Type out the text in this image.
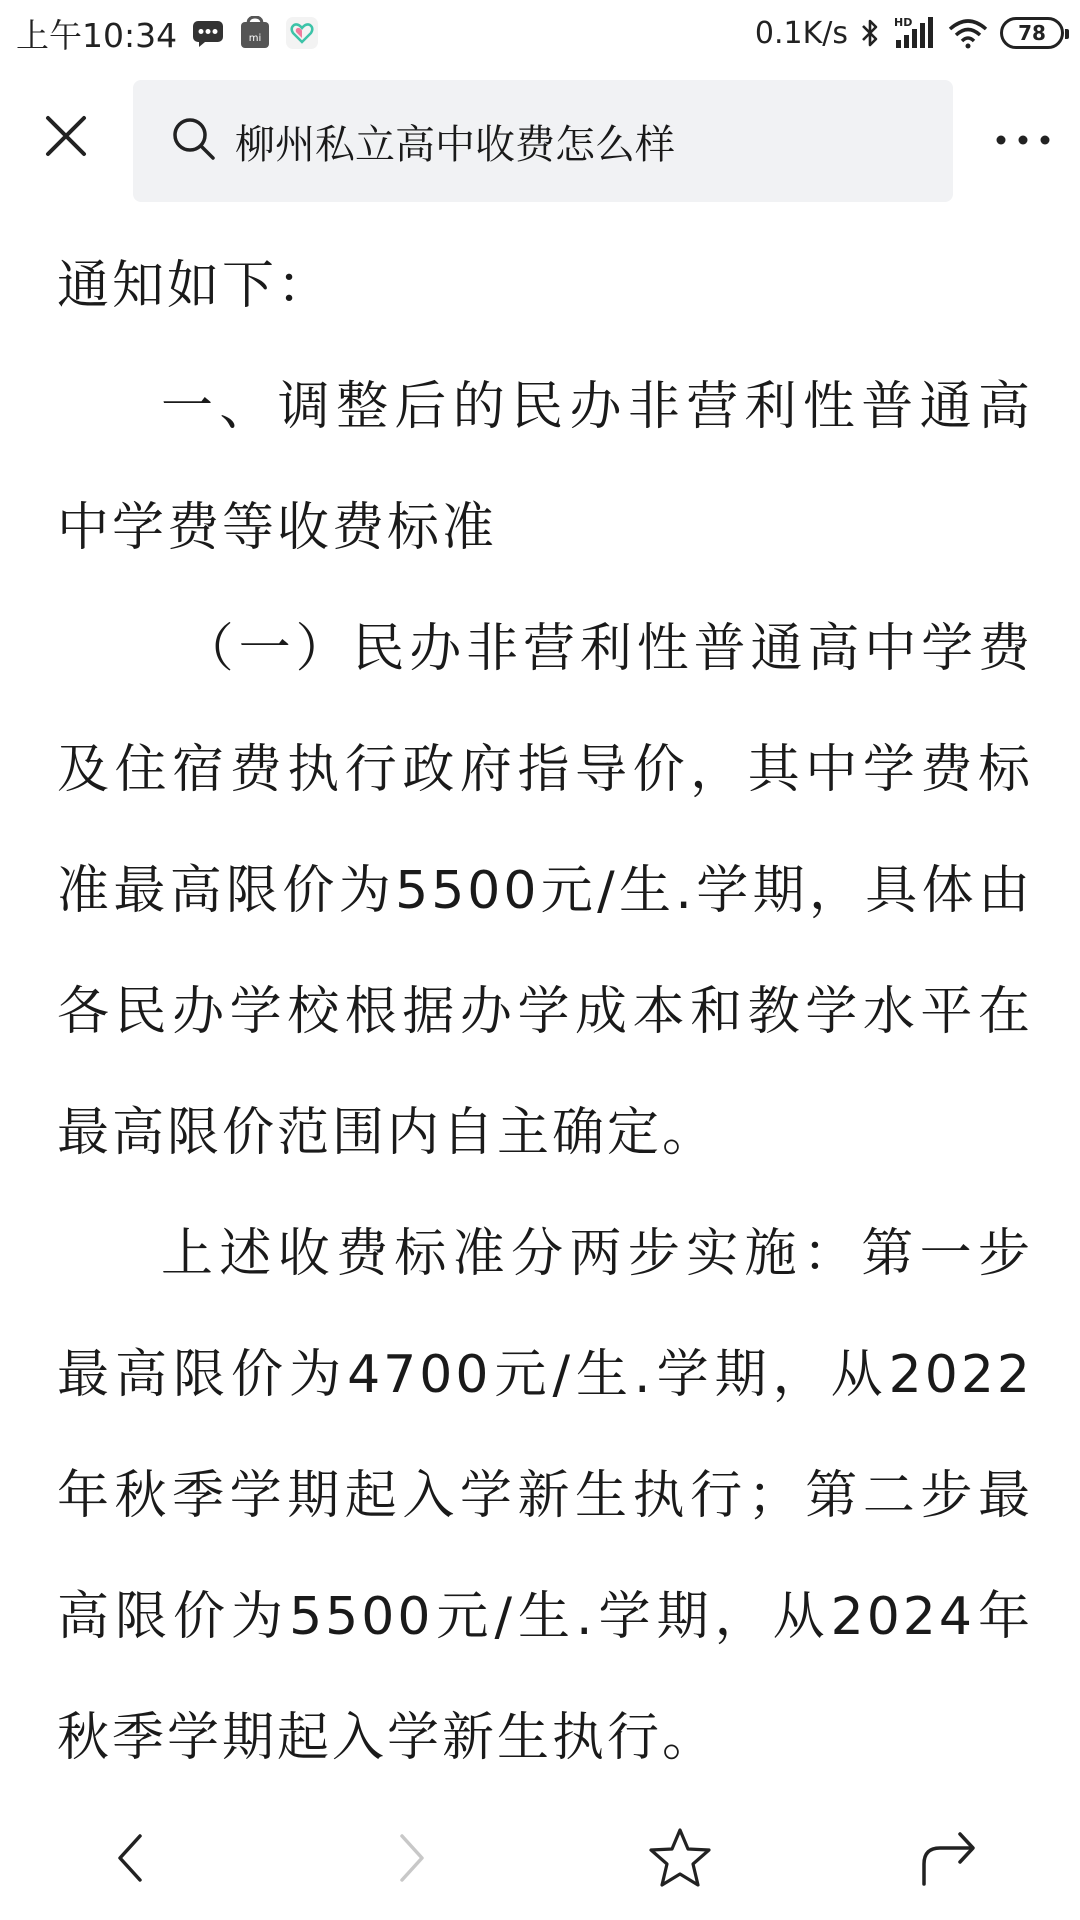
上午10:34	mi	0.1K/s	HD	78
柳州私立高中收费怎么样

通知如下：

一、调整后的民办非营利性普通高中学费等收费标准

（一）民办非营利性普通高中学费及住宿费执行政府指导价，其中学费标准最高限价为5500元/生.学期，具体由各民办学校根据办学成本和教学水平在最高限价范围内自主确定。

上述收费标准分两步实施：第一步最高限价为4700元/生.学期，从2022年秋季学期起入学新生执行；第二步最高限价为5500元/生.学期，从2024年秋季学期起入学新生执行。
